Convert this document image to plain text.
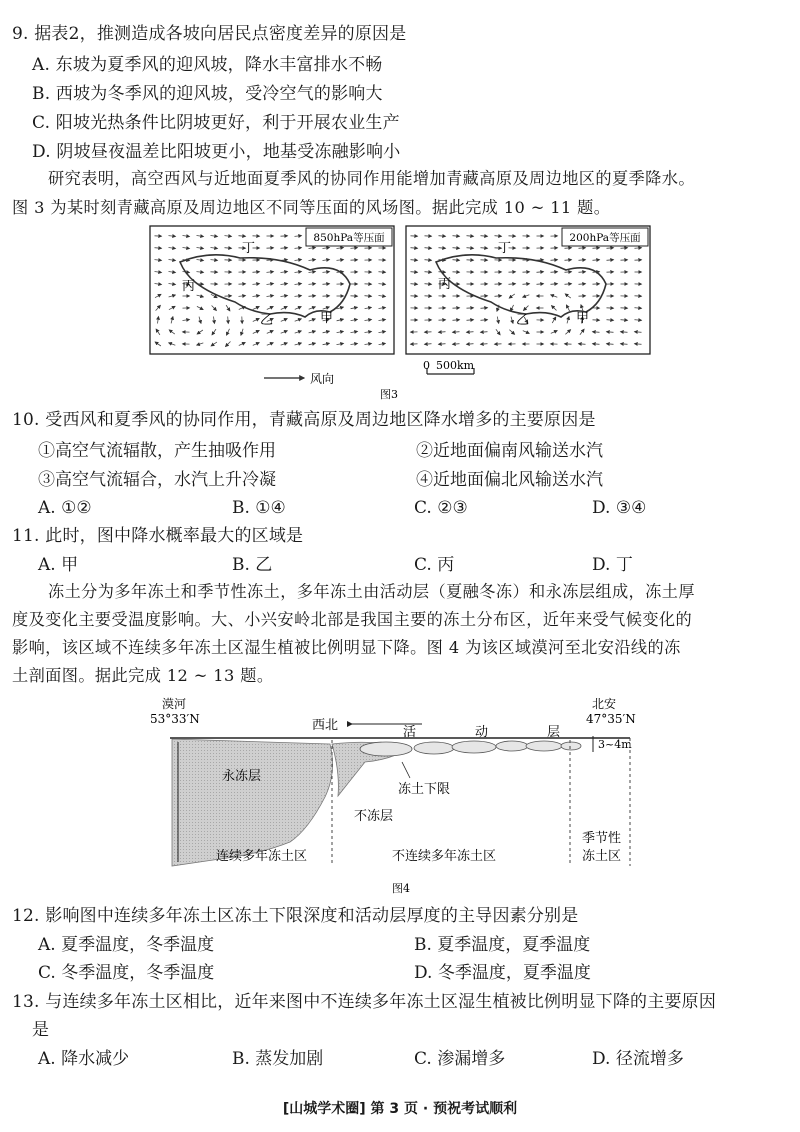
9. 据表2，推测造成各坡向居民点密度差异的原因是
A. 东坡为夏季风的迎风坡，降水丰富排水不畅
B. 西坡为冬季风的迎风坡，受冷空气的影响大
C. 阳坡光热条件比阴坡更好，利于开展农业生产
D. 阴坡昼夜温差比阳坡更小，地基受冻融影响小
研究表明，高空西风与近地面夏季风的协同作用能增加青藏高原及周边地区的夏季降水。
图 3 为某时刻青藏高原及周边地区不同等压面的风场图。据此完成 10 ~ 11 题。
850hPa等压面	200hPa等压面
丁
丙
乙	甲
丁
丙
乙	甲
风向
0 500km
图3
10. 受西风和夏季风的协同作用，青藏高原及周边地区降水增多的主要原因是
①高空气流辐散，产生抽吸作用	②近地面偏南风输送水汽
③高空气流辐合，水汽上升冷凝	④近地面偏北风输送水汽
A. ①②	B. ①④	C. ②③	D. ③④
11. 此时，图中降水概率最大的区域是
A. 甲	B. 乙	C. 丙	D. 丁
冻土分为多年冻土和季节性冻土，多年冻土由活动层（夏融冬冻）和永冻层组成，冻土厚
度及变化主要受温度影响。大、小兴安岭北部是我国主要的冻土分布区，近年来受气候变化的
影响，该区域不连续多年冻土区湿生植被比例明显下降。图 4 为该区域漠河至北安沿线的冻
土剖面图。据此完成 12 ~ 13 题。
漠河
53°33′N
北安
47°35′N
西北	活	动	层
3~4m
永冻层
冻土下限
不冻层
连续多年冻土区	不连续多年冻土区
季节性
冻土区
图4
12. 影响图中连续多年冻土区冻土下限深度和活动层厚度的主导因素分别是
A. 夏季温度，冬季温度	B. 夏季温度，夏季温度
C. 冬季温度，冬季温度	D. 冬季温度，夏季温度
13. 与连续多年冻土区相比，近年来图中不连续多年冻土区湿生植被比例明显下降的主要原因
是
A. 降水减少	B. 蒸发加剧	C. 渗漏增多	D. 径流增多
[山城学术圈] 第 3 页 · 预祝考试顺利
